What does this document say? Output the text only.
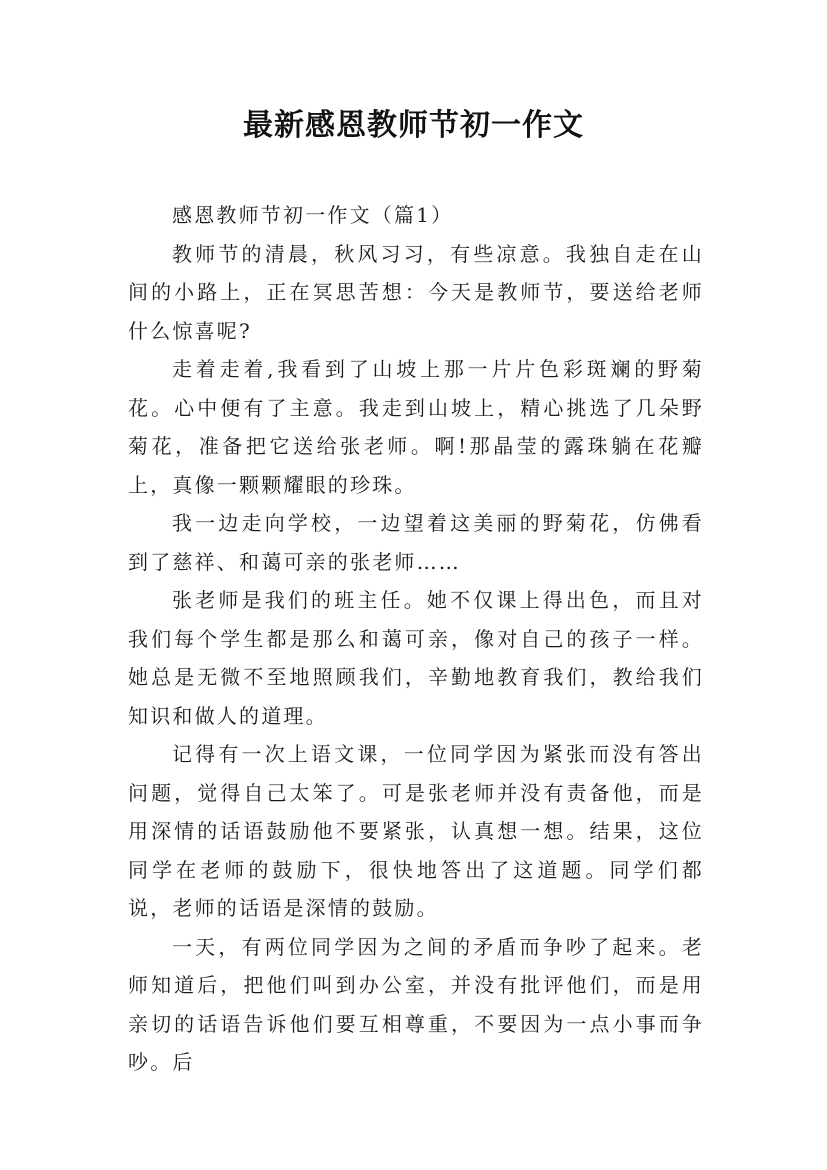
最新感恩教师节初一作文

感恩教师节初一作文（篇1）

教师节的清晨，秋风习习，有些凉意。我独自走在山间的小路上，正在冥思苦想：今天是教师节，要送给老师什么惊喜呢?

走着走着,我看到了山坡上那一片片色彩斑斓的野菊花。心中便有了主意。我走到山坡上，精心挑选了几朵野菊花，准备把它送给张老师。啊!那晶莹的露珠躺在花瓣上，真像一颗颗耀眼的珍珠。

我一边走向学校，一边望着这美丽的野菊花，仿佛看到了慈祥、和蔼可亲的张老师……

张老师是我们的班主任。她不仅课上得出色，而且对我们每个学生都是那么和蔼可亲，像对自己的孩子一样。她总是无微不至地照顾我们，辛勤地教育我们，教给我们知识和做人的道理。

记得有一次上语文课，一位同学因为紧张而没有答出问题，觉得自己太笨了。可是张老师并没有责备他，而是用深情的话语鼓励他不要紧张，认真想一想。结果，这位同学在老师的鼓励下，很快地答出了这道题。同学们都说，老师的话语是深情的鼓励。

一天，有两位同学因为之间的矛盾而争吵了起来。老师知道后，把他们叫到办公室，并没有批评他们，而是用亲切的话语告诉他们要互相尊重，不要因为一点小事而争吵。后
